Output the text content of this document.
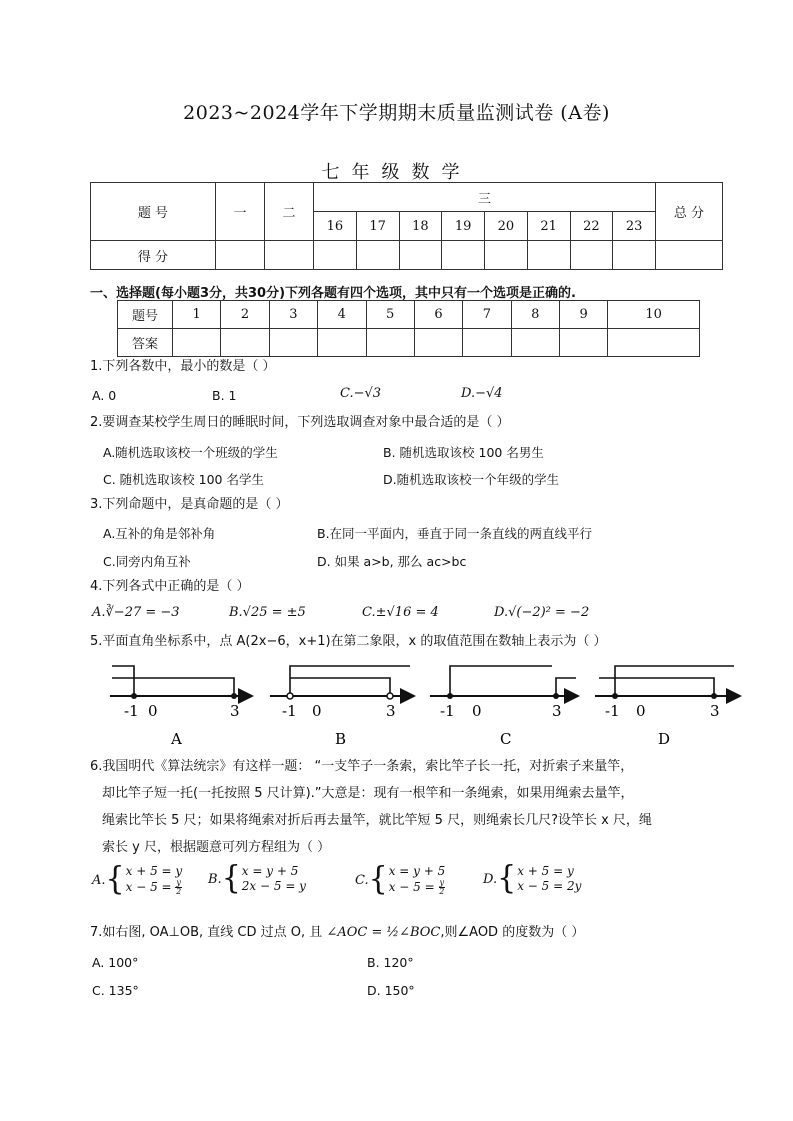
2023~2024学年下学期期末质量监测试卷 (A卷)
七年级数学
题 号	一	二	三								总 分
			16	17	18	19	20	21	22	23	
得 分											
一、选择题(每小题3分，共30分)下列各题有四个选项，其中只有一个选项是正确的.
题号	1	2	3	4	5	6	7	8	9	10
答案										
1.下列各数中，最小的数是（ ）
A. 0	B. 1	C.−√3	D.−√4
2.要调查某校学生周日的睡眠时间，下列选取调查对象中最合适的是（ ）
A.随机选取该校一个班级的学生	B. 随机选取该校 100 名男生
C. 随机选取该校 100 名学生	D.随机选取该校一个年级的学生
3.下列命题中，是真命题的是（ ）
A.互补的角是邻补角	B.在同一平面内，垂直于同一条直线的两直线平行
C.同旁内角互补	D. 如果 a>b, 那么 ac>bc
4.下列各式中正确的是（ ）
A.∛−27 = −3	B.√25 = ±5	C.±√16 = 4	D.√(−2)² = −2
5.平面直角坐标系中，点 A(2x−6，x+1)在第二象限，x 的取值范围在数轴上表示为（ ）
-1 0	3
A
-1 0	3
B
-1 0	3
C
-1 0	3
D
6.我国明代《算法统宗》有这样一题： “一支竿子一条索，索比竿子长一托，对折索子来量竿，
却比竿子短一托(一托按照 5 尺计算).”大意是：现有一根竿和一条绳索，如果用绳索去量竿，
绳索比竿长 5 尺；如果将绳索对折后再去量竿，就比竿短 5 尺，则绳索长几尺?设竿长 x 尺，绳
索长 y 尺，根据题意可列方程组为（ ）
A. { x + 5 = y
$x - 5 = \frac{y}{2} B$. { x = y + 5
2x − 5 = y	C. { x = y + 5
$x - 5 = \frac{y}{2}$	D. { x + 5 = y
x − 5 = 2y
7.如右图, OA⊥OB, 直线 CD 过点 O, 且 ∠AOC = ½∠BOC,则∠AOD 的度数为（ ）
A. 100°	B. 120°
C. 135°	D. 150°
